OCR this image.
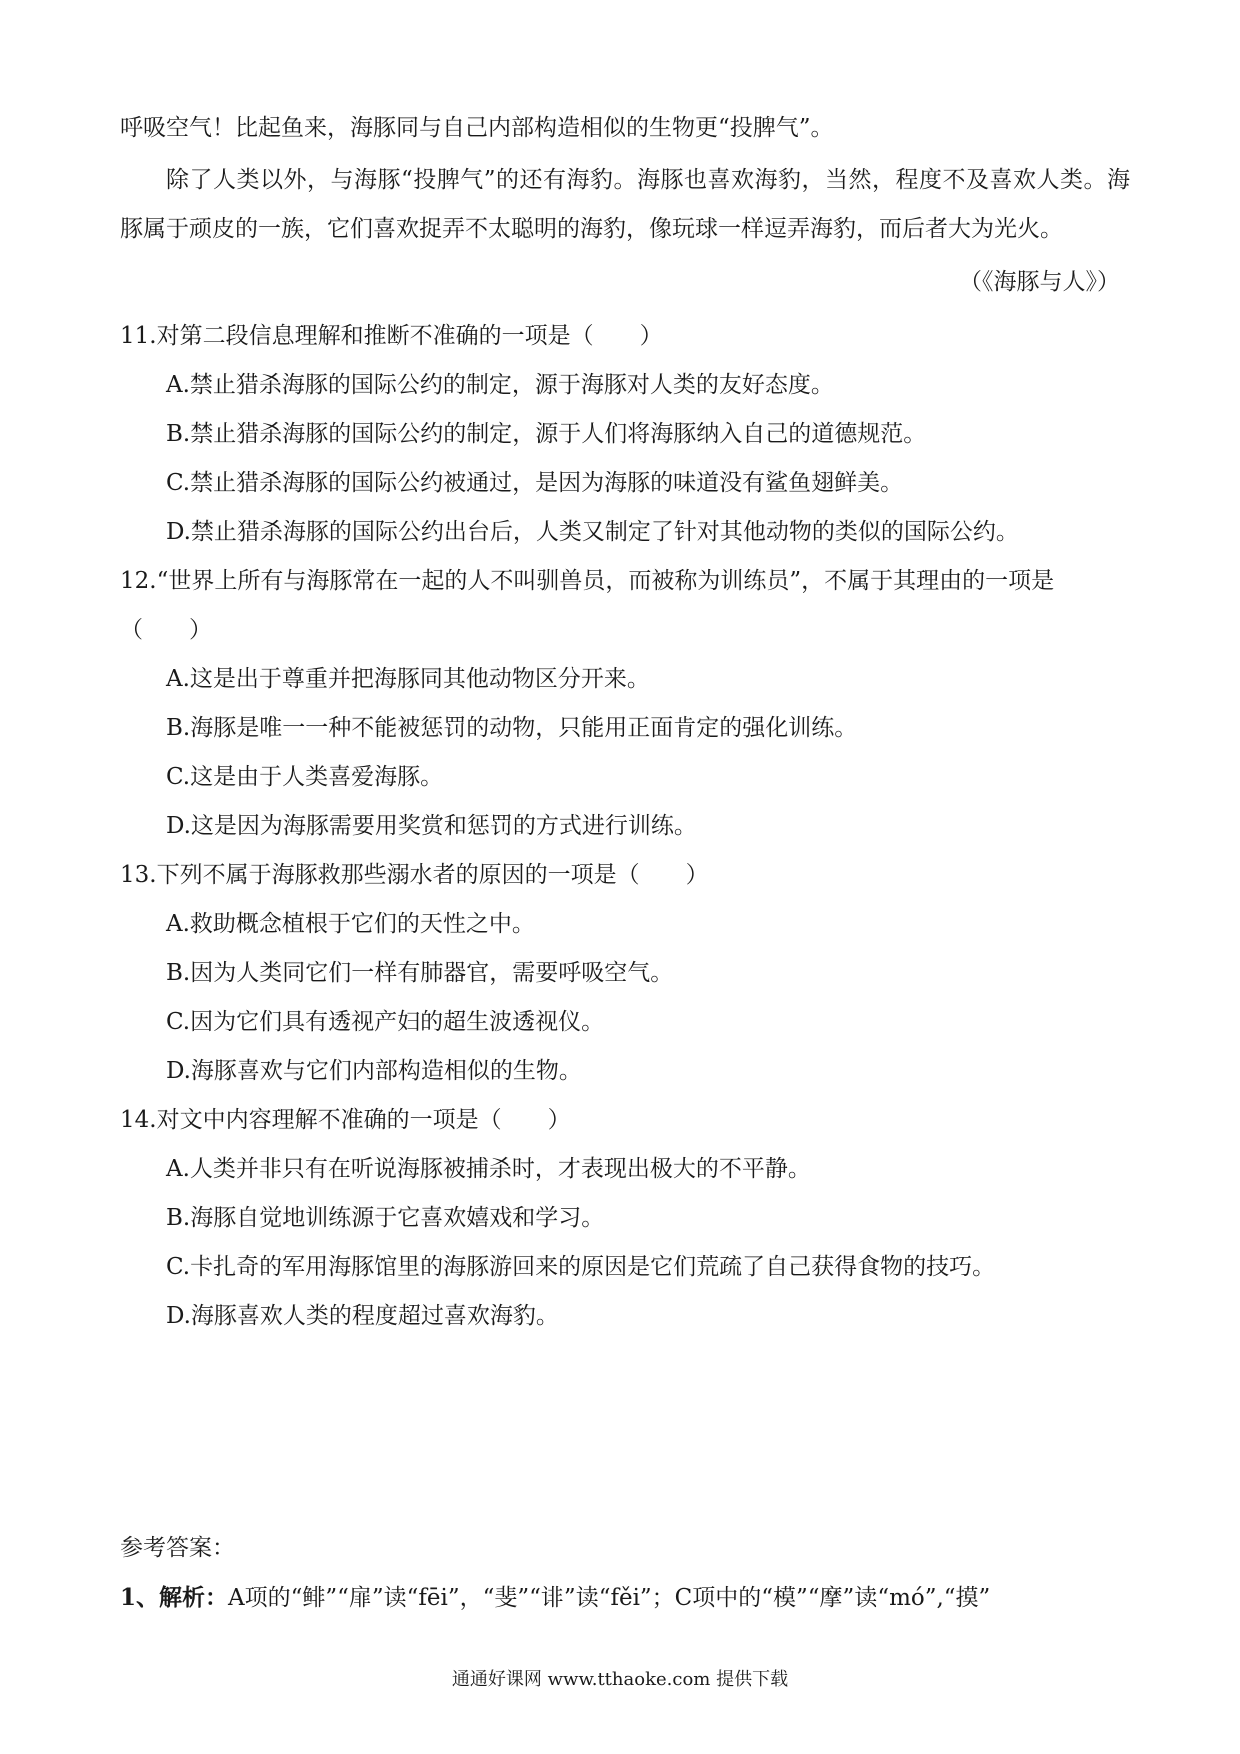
呼吸空气！比起鱼来，海豚同与自己内部构造相似的生物更“投脾气”。
除了人类以外，与海豚“投脾气”的还有海豹。海豚也喜欢海豹，当然，程度不及喜欢人类。海豚属于顽皮的一族，它们喜欢捉弄不太聪明的海豹，像玩球一样逗弄海豹，而后者大为光火。
（《海豚与人》）
11.对第二段信息理解和推断不准确的一项是（　　）
A.禁止猎杀海豚的国际公约的制定，源于海豚对人类的友好态度。
B.禁止猎杀海豚的国际公约的制定，源于人们将海豚纳入自己的道德规范。
C.禁止猎杀海豚的国际公约被通过，是因为海豚的味道没有鲨鱼翅鲜美。
D.禁止猎杀海豚的国际公约出台后，人类又制定了针对其他动物的类似的国际公约。
12.“世界上所有与海豚常在一起的人不叫驯兽员，而被称为训练员”，不属于其理由的一项是（　　）
A.这是出于尊重并把海豚同其他动物区分开来。
B.海豚是唯一一种不能被惩罚的动物，只能用正面肯定的强化训练。
C.这是由于人类喜爱海豚。
D.这是因为海豚需要用奖赏和惩罚的方式进行训练。
13.下列不属于海豚救那些溺水者的原因的一项是（　　）
A.救助概念植根于它们的天性之中。
B.因为人类同它们一样有肺器官，需要呼吸空气。
C.因为它们具有透视产妇的超生波透视仪。
D.海豚喜欢与它们内部构造相似的生物。
14.对文中内容理解不准确的一项是（　　）
A.人类并非只有在听说海豚被捕杀时，才表现出极大的不平静。
B.海豚自觉地训练源于它喜欢嬉戏和学习。
C.卡扎奇的军用海豚馆里的海豚游回来的原因是它们荒疏了自己获得食物的技巧。
D.海豚喜欢人类的程度超过喜欢海豹。
参考答案：
1、解析：A项的“鲱”“扉”读“fēi”，“斐”“诽”读“fěi”；C项中的“模”“摩”读“mó”,“摸”
通通好课网 www.tthaoke.com 提供下载
